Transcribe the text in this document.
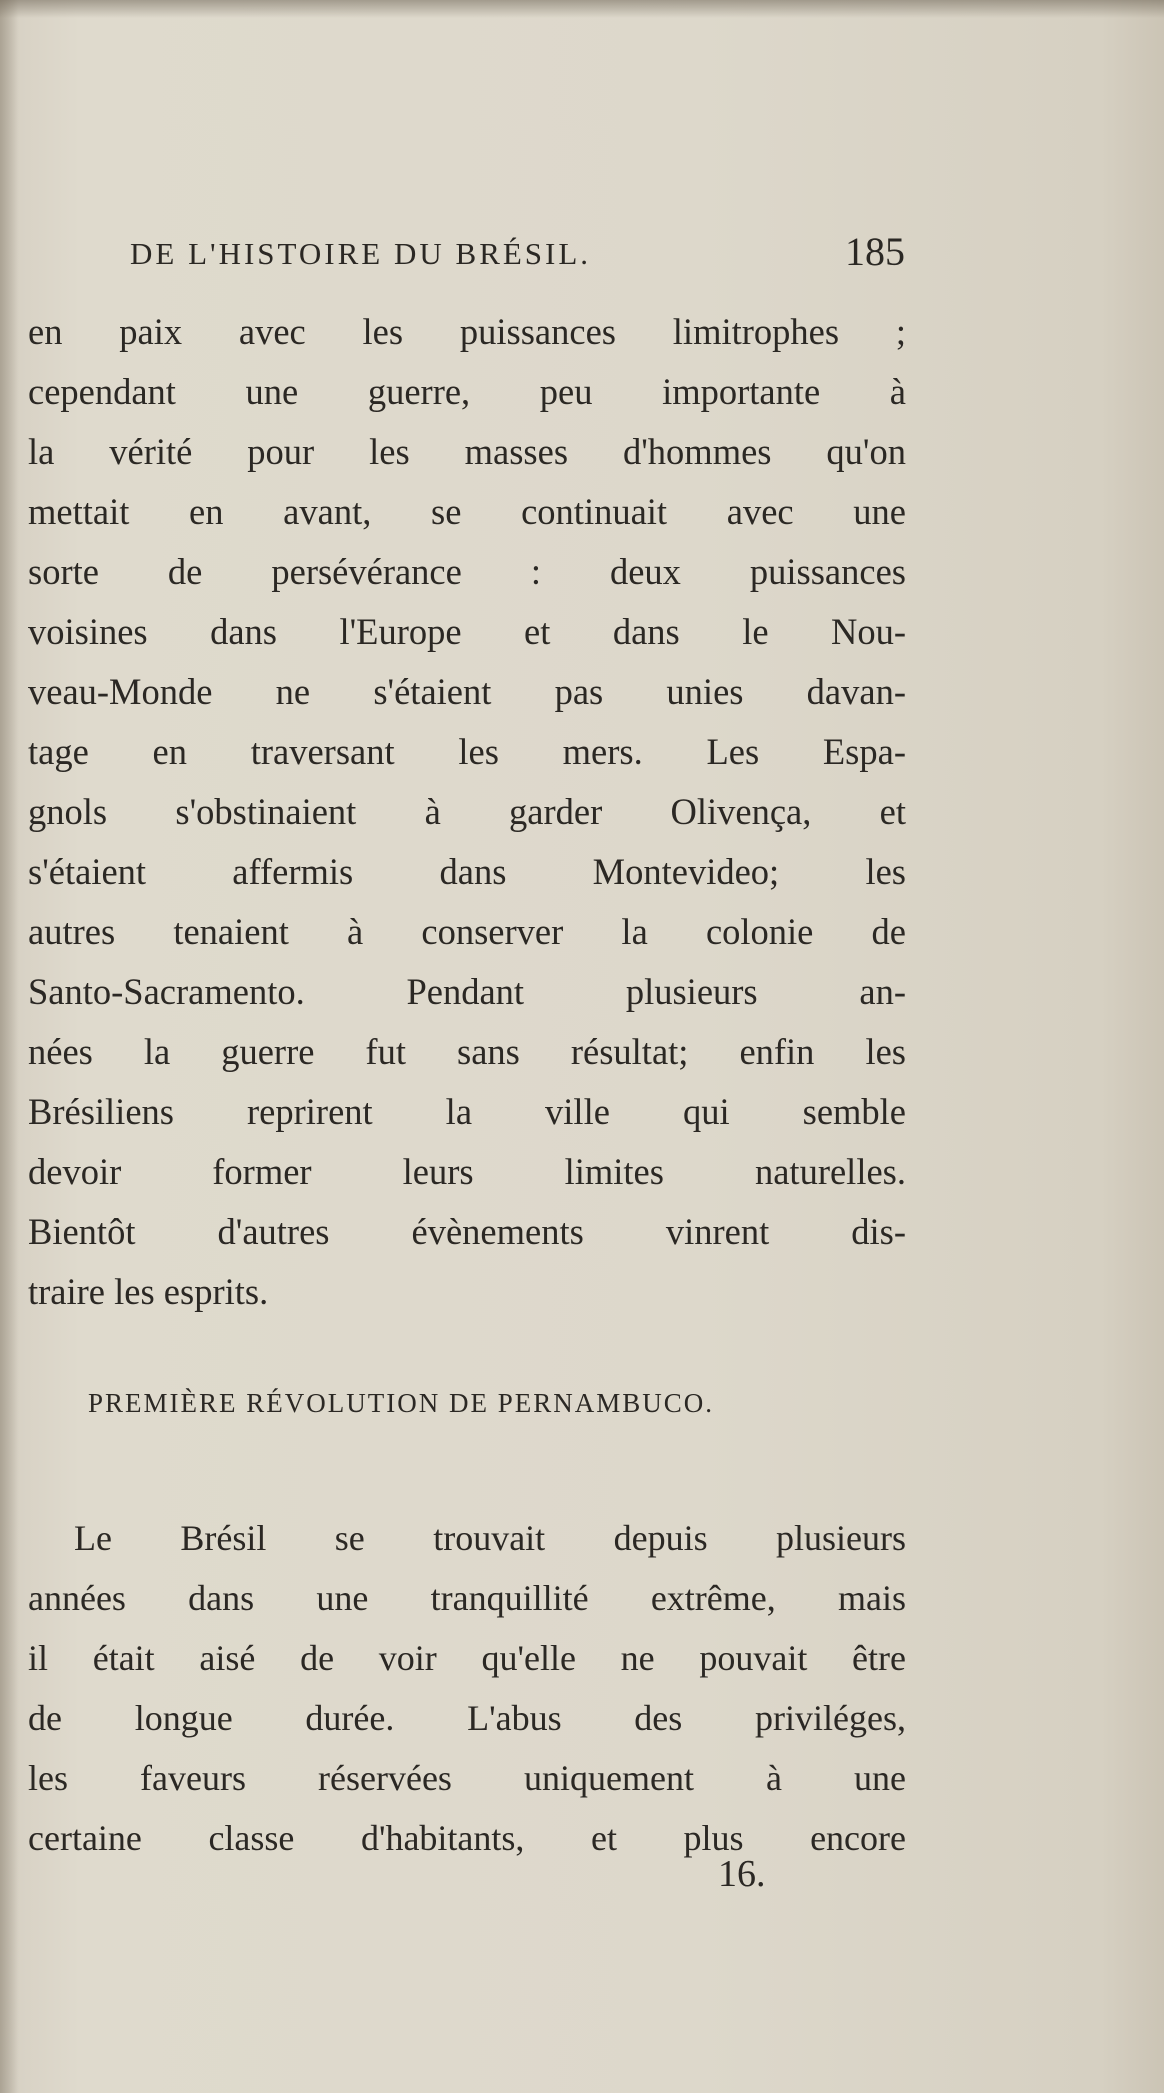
DE L'HISTOIRE DU BRÉSIL.	185
en paix avec les puissances limitrophes ;
cependant une guerre, peu importante à
la vérité pour les masses d'hommes qu'on
mettait en avant, se continuait avec une
sorte de persévérance : deux puissances
voisines dans l'Europe et dans le Nou-
veau-Monde ne s'étaient pas unies davan-
tage en traversant les mers. Les Espa-
gnols s'obstinaient à garder Olivença, et
s'étaient affermis dans Montevideo; les
autres tenaient à conserver la colonie de
Santo-Sacramento. Pendant plusieurs an-
nées la guerre fut sans résultat; enfin les
Brésiliens reprirent la ville qui semble
devoir former leurs limites naturelles.
Bientôt d'autres évènements vinrent dis-
traire les esprits.
PREMIÈRE RÉVOLUTION DE PERNAMBUCO.
Le Brésil se trouvait depuis plusieurs
années dans une tranquillité extrême, mais
il était aisé de voir qu'elle ne pouvait être
de longue durée. L'abus des priviléges,
les faveurs réservées uniquement à une
certaine classe d'habitants, et plus encore
16.
